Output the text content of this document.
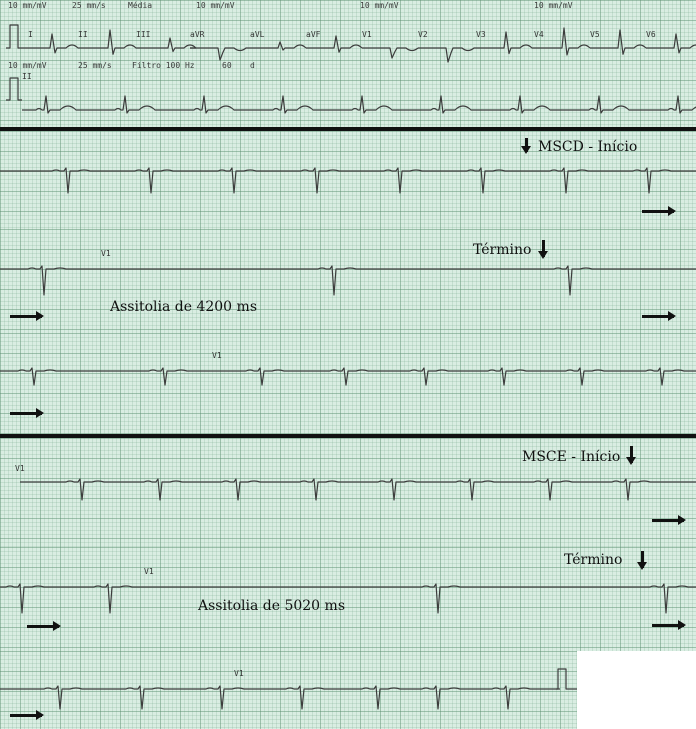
10 mm/mV	25 mm/s	Média	10 mm/mV	10 mm/mV	10 mm/mV
I	II	III	aVR	aVL	aVF	V1	V2	V3	V4	V5	V6
10 mm/mV	25 mm/s	Filtro 100 Hz	60 d
II
MSCD - Início
V1	Término
Assitolia de 4200 ms
V1
V1
MSCE - Início
V1
Término
Assitolia de 5020 ms
V1
